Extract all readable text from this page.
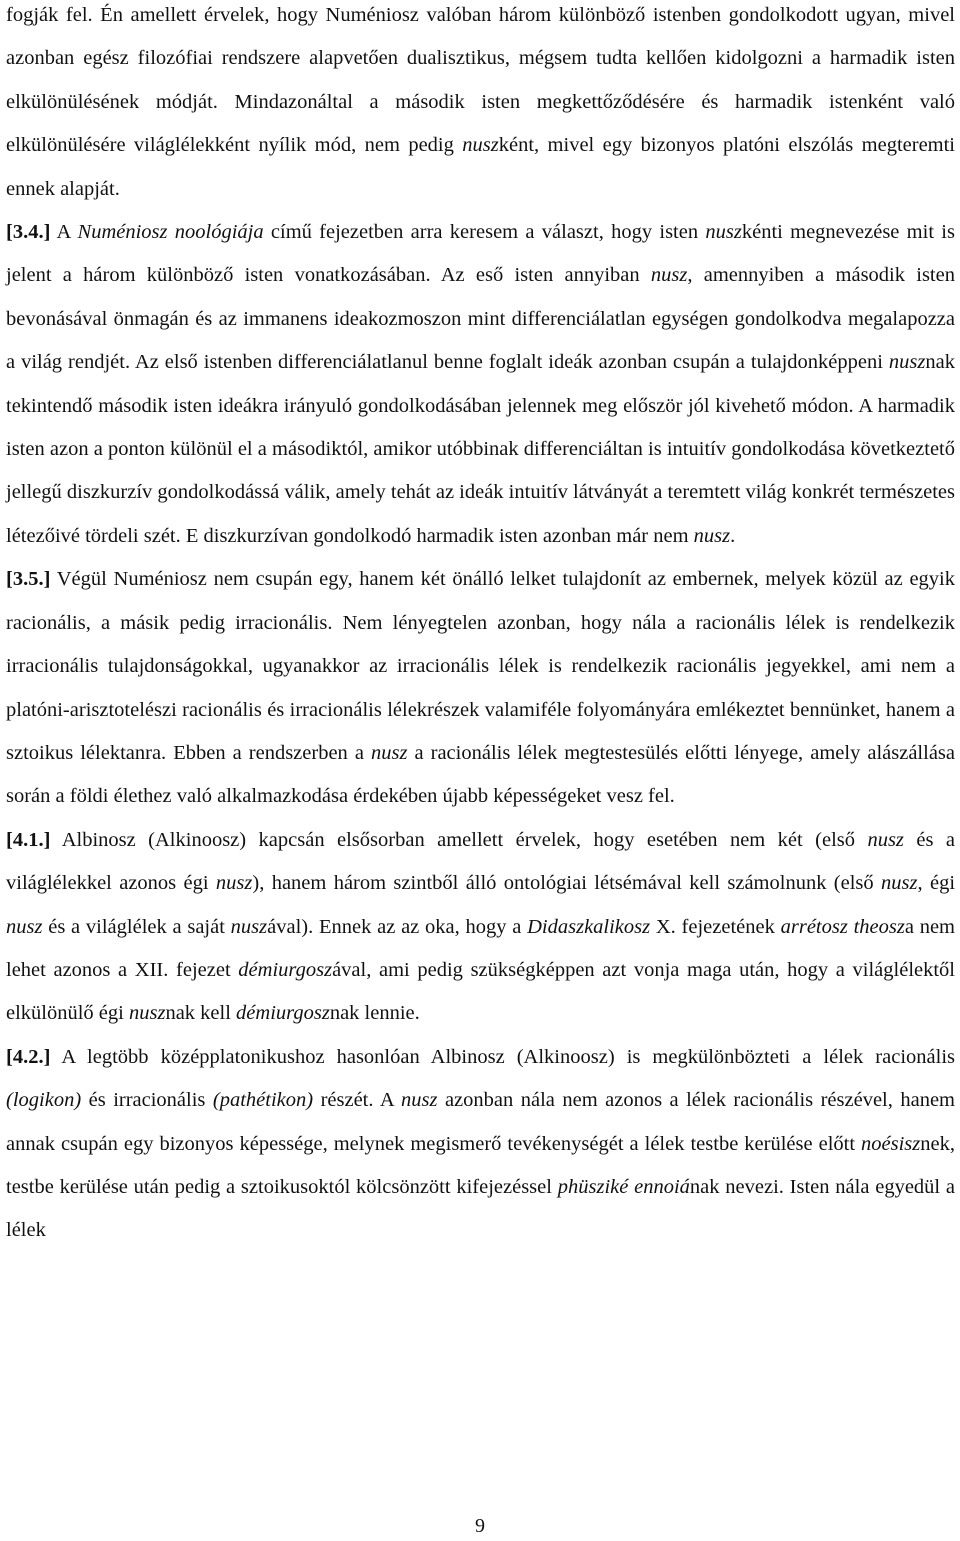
fogják fel. Én amellett érvelek, hogy Numéniosz valóban három különböző istenben gondolkodott ugyan, mivel azonban egész filozófiai rendszere alapvetően dualisztikus, mégsem tudta kellően kidolgozni a harmadik isten elkülönülésének módját. Mindazonáltal a második isten megkettőződésére és harmadik istenként való elkülönülésére világlélekként nyílik mód, nem pedig nuszként, mivel egy bizonyos platóni elszólás megteremti ennek alapját.

[3.4.] A Numéniosz noológiája című fejezetben arra keresem a választ, hogy isten nuszkénti megnevezése mit is jelent a három különböző isten vonatkozásában. Az eső isten annyiban nusz, amennyiben a második isten bevonásával önmagán és az immanens ideakozmoszon mint differenciálatlan egységen gondolkodva megalapozza a világ rendjét. Az első istenben differenciálatlanul benne foglalt ideák azonban csupán a tulajdonképpeni nusznak tekintendő második isten ideákra irányuló gondolkodásában jelennek meg először jól kivehető módon. A harmadik isten azon a ponton különül el a másodiktól, amikor utóbbinak differenciáltan is intuitív gondolkodása következtető jellegű diszkurzív gondolkodássá válik, amely tehát az ideák intuitív látványát a teremtett világ konkrét természetes létezőivé tördeli szét. E diszkurzívan gondolkodó harmadik isten azonban már nem nusz.

[3.5.] Végül Numéniosz nem csupán egy, hanem két önálló lelket tulajdonít az embernek, melyek közül az egyik racionális, a másik pedig irracionális. Nem lényegtelen azonban, hogy nála a racionális lélek is rendelkezik irracionális tulajdonságokkal, ugyanakkor az irracionális lélek is rendelkezik racionális jegyekkel, ami nem a platóni-arisztotelészi racionális és irracionális lélekrészek valamiféle folyományára emlékeztet bennünket, hanem a sztoikus lélektanra. Ebben a rendszerben a nusz a racionális lélek megtestesülés előtti lényege, amely alászállása során a földi élethez való alkalmazkodása érdekében újabb képességeket vesz fel.

[4.1.] Albinosz (Alkinoosz) kapcsán elsősorban amellett érvelek, hogy esetében nem két (első nusz és a világlélekkel azonos égi nusz), hanem három szintből álló ontológiai létsémával kell számolnunk (első nusz, égi nusz és a világlélek a saját nuszával). Ennek az az oka, hogy a Didaszkalikosz X. fejezetének arrétosz theosza nem lehet azonos a XII. fejezet démiurgoszával, ami pedig szükségképpen azt vonja maga után, hogy a világlélektől elkülönülő égi nusznak kell démiurgosznak lennie.

[4.2.] A legtöbb középplatonikushoz hasonlóan Albinosz (Alkinoosz) is megkülönbözteti a lélek racionális (logikon) és irracionális (pathétikon) részét. A nusz azonban nála nem azonos a lélek racionális részével, hanem annak csupán egy bizonyos képessége, melynek megismerő tevékenységét a lélek testbe kerülése előtt noésisznek, testbe kerülése után pedig a sztoikusoktól kölcsönzött kifejezéssel phüsziké ennoiának nevezi. Isten nála egyedül a lélek

9
